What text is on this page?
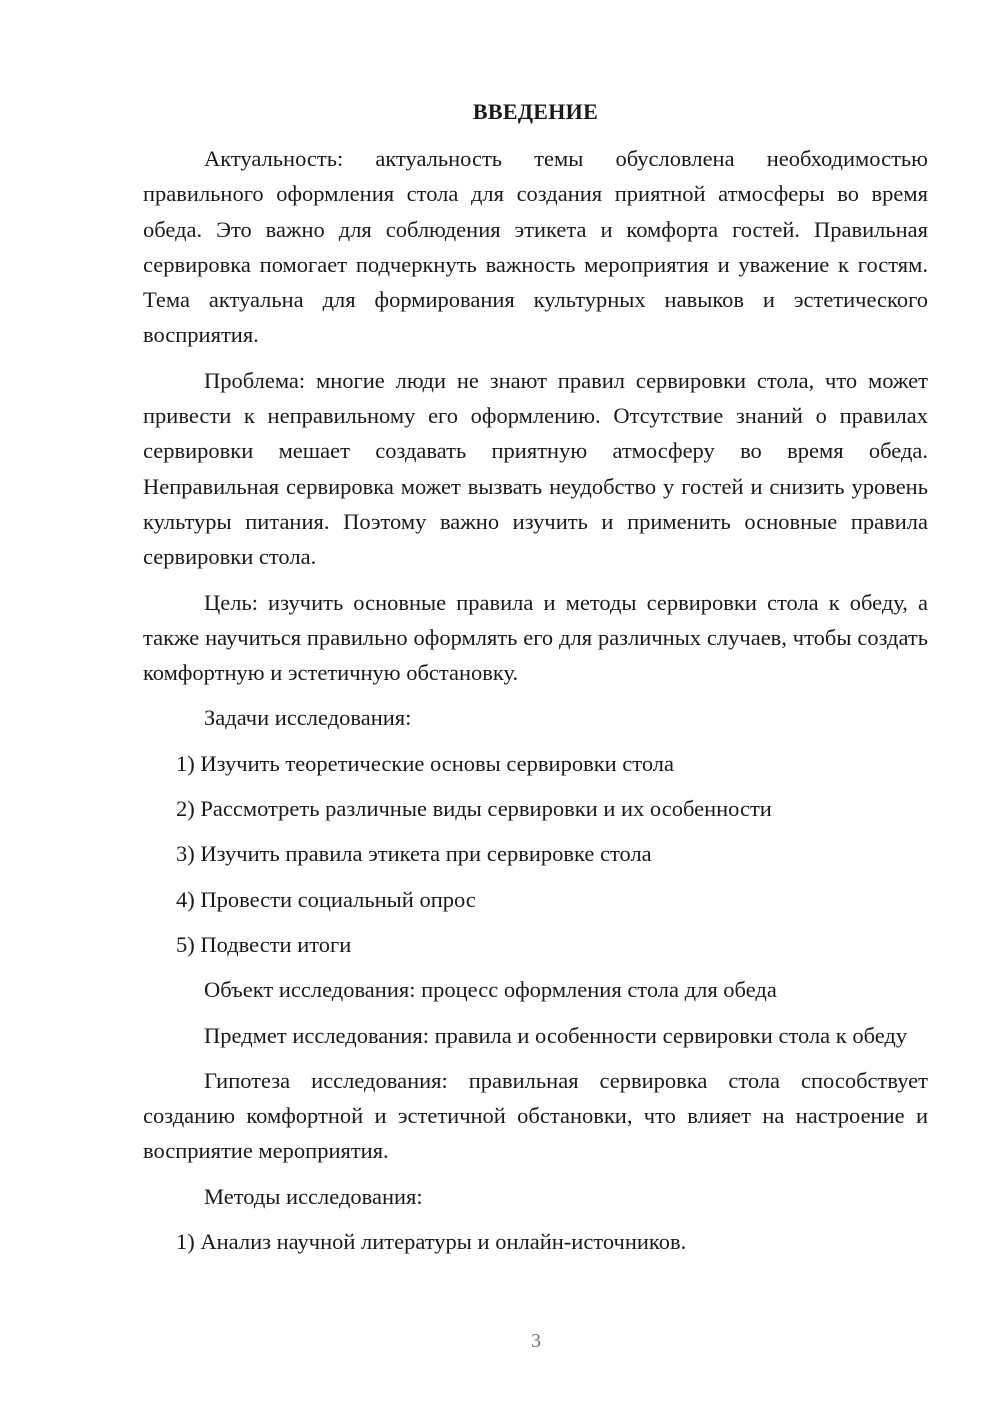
ВВЕДЕНИЕ

Актуальность: актуальность темы обусловлена необходимостью правильного оформления стола для создания приятной атмосферы во время обеда. Это важно для соблюдения этикета и комфорта гостей. Правильная сервировка помогает подчеркнуть важность мероприятия и уважение к гостям. Тема актуальна для формирования культурных навыков и эстетического восприятия.

Проблема: многие люди не знают правил сервировки стола, что может привести к неправильному его оформлению. Отсутствие знаний о правилах сервировки мешает создавать приятную атмосферу во время обеда. Неправильная сервировка может вызвать неудобство у гостей и снизить уровень культуры питания. Поэтому важно изучить и применить основные правила сервировки стола.

Цель: изучить основные правила и методы сервировки стола к обеду, а также научиться правильно оформлять его для различных случаев, чтобы создать комфортную и эстетичную обстановку.

Задачи исследования:
1) Изучить теоретические основы сервировки стола
2) Рассмотреть различные виды сервировки и их особенности
3) Изучить правила этикета при сервировке стола
4) Провести социальный опрос
5) Подвести итоги

Объект исследования: процесс оформления стола для обеда

Предмет исследования: правила и особенности сервировки стола к обеду

Гипотеза исследования: правильная сервировка стола способствует созданию комфортной и эстетичной обстановки, что влияет на настроение и восприятие мероприятия.

Методы исследования:
1) Анализ научной литературы и онлайн-источников.
3
